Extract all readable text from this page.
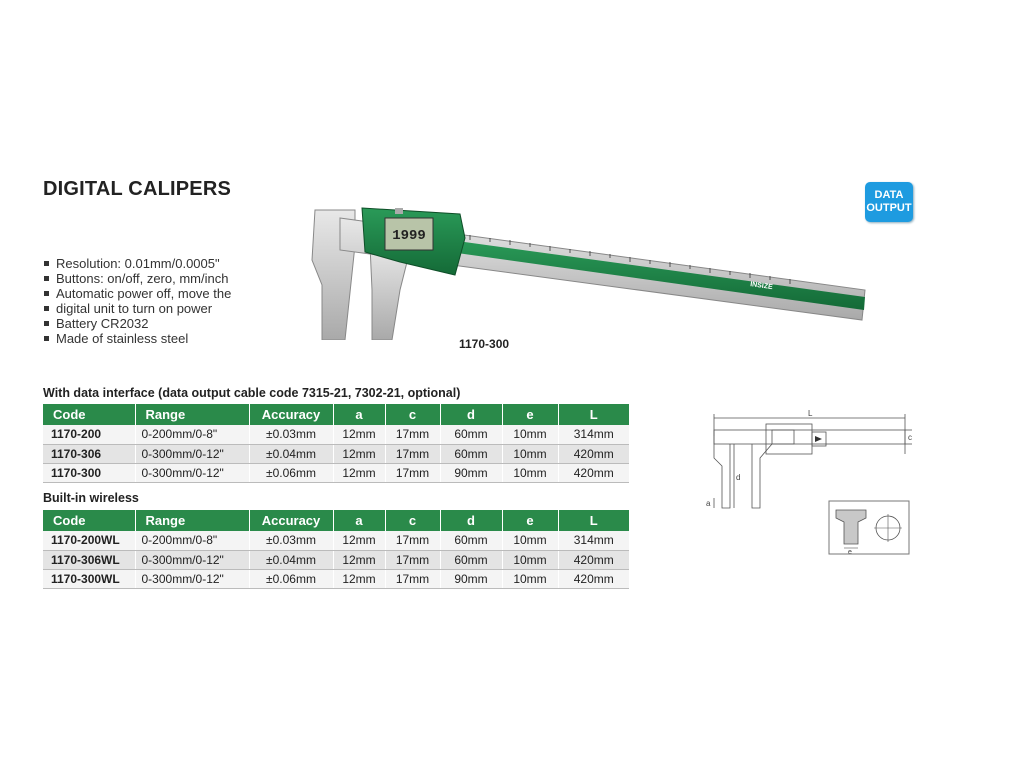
DIGITAL CALIPERS	DATA
OUTPUT
Resolution: 0.01mm/0.0005"
Buttons: on/off, zero, mm/inch
Automatic power off, move the
digital unit to turn on power
Battery CR2032
Made of stainless steel
1999
INSIZE
1170-300
With data interface (data output cable code 7315-21, 7302-21, optional)
Code	Range	Accuracy	a	c	d	e	L
1170-200	0-200mm/0-8"	±0.03mm	12mm	17mm	60mm	10mm	314mm
1170-306	0-300mm/0-12"	±0.04mm	12mm	17mm	60mm	10mm	420mm
1170-300	0-300mm/0-12"	±0.06mm	12mm	17mm	90mm	10mm	420mm
Built-in wireless
Code	Range	Accuracy	a	c	d	e	L
1170-200WL	0-200mm/0-8"	±0.03mm	12mm	17mm	60mm	10mm	314mm
1170-306WL	0-300mm/0-12"	±0.04mm	12mm	17mm	60mm	10mm	420mm
1170-300WL	0-300mm/0-12"	±0.06mm	12mm	17mm	90mm	10mm	420mm
L
c
d
a
e
